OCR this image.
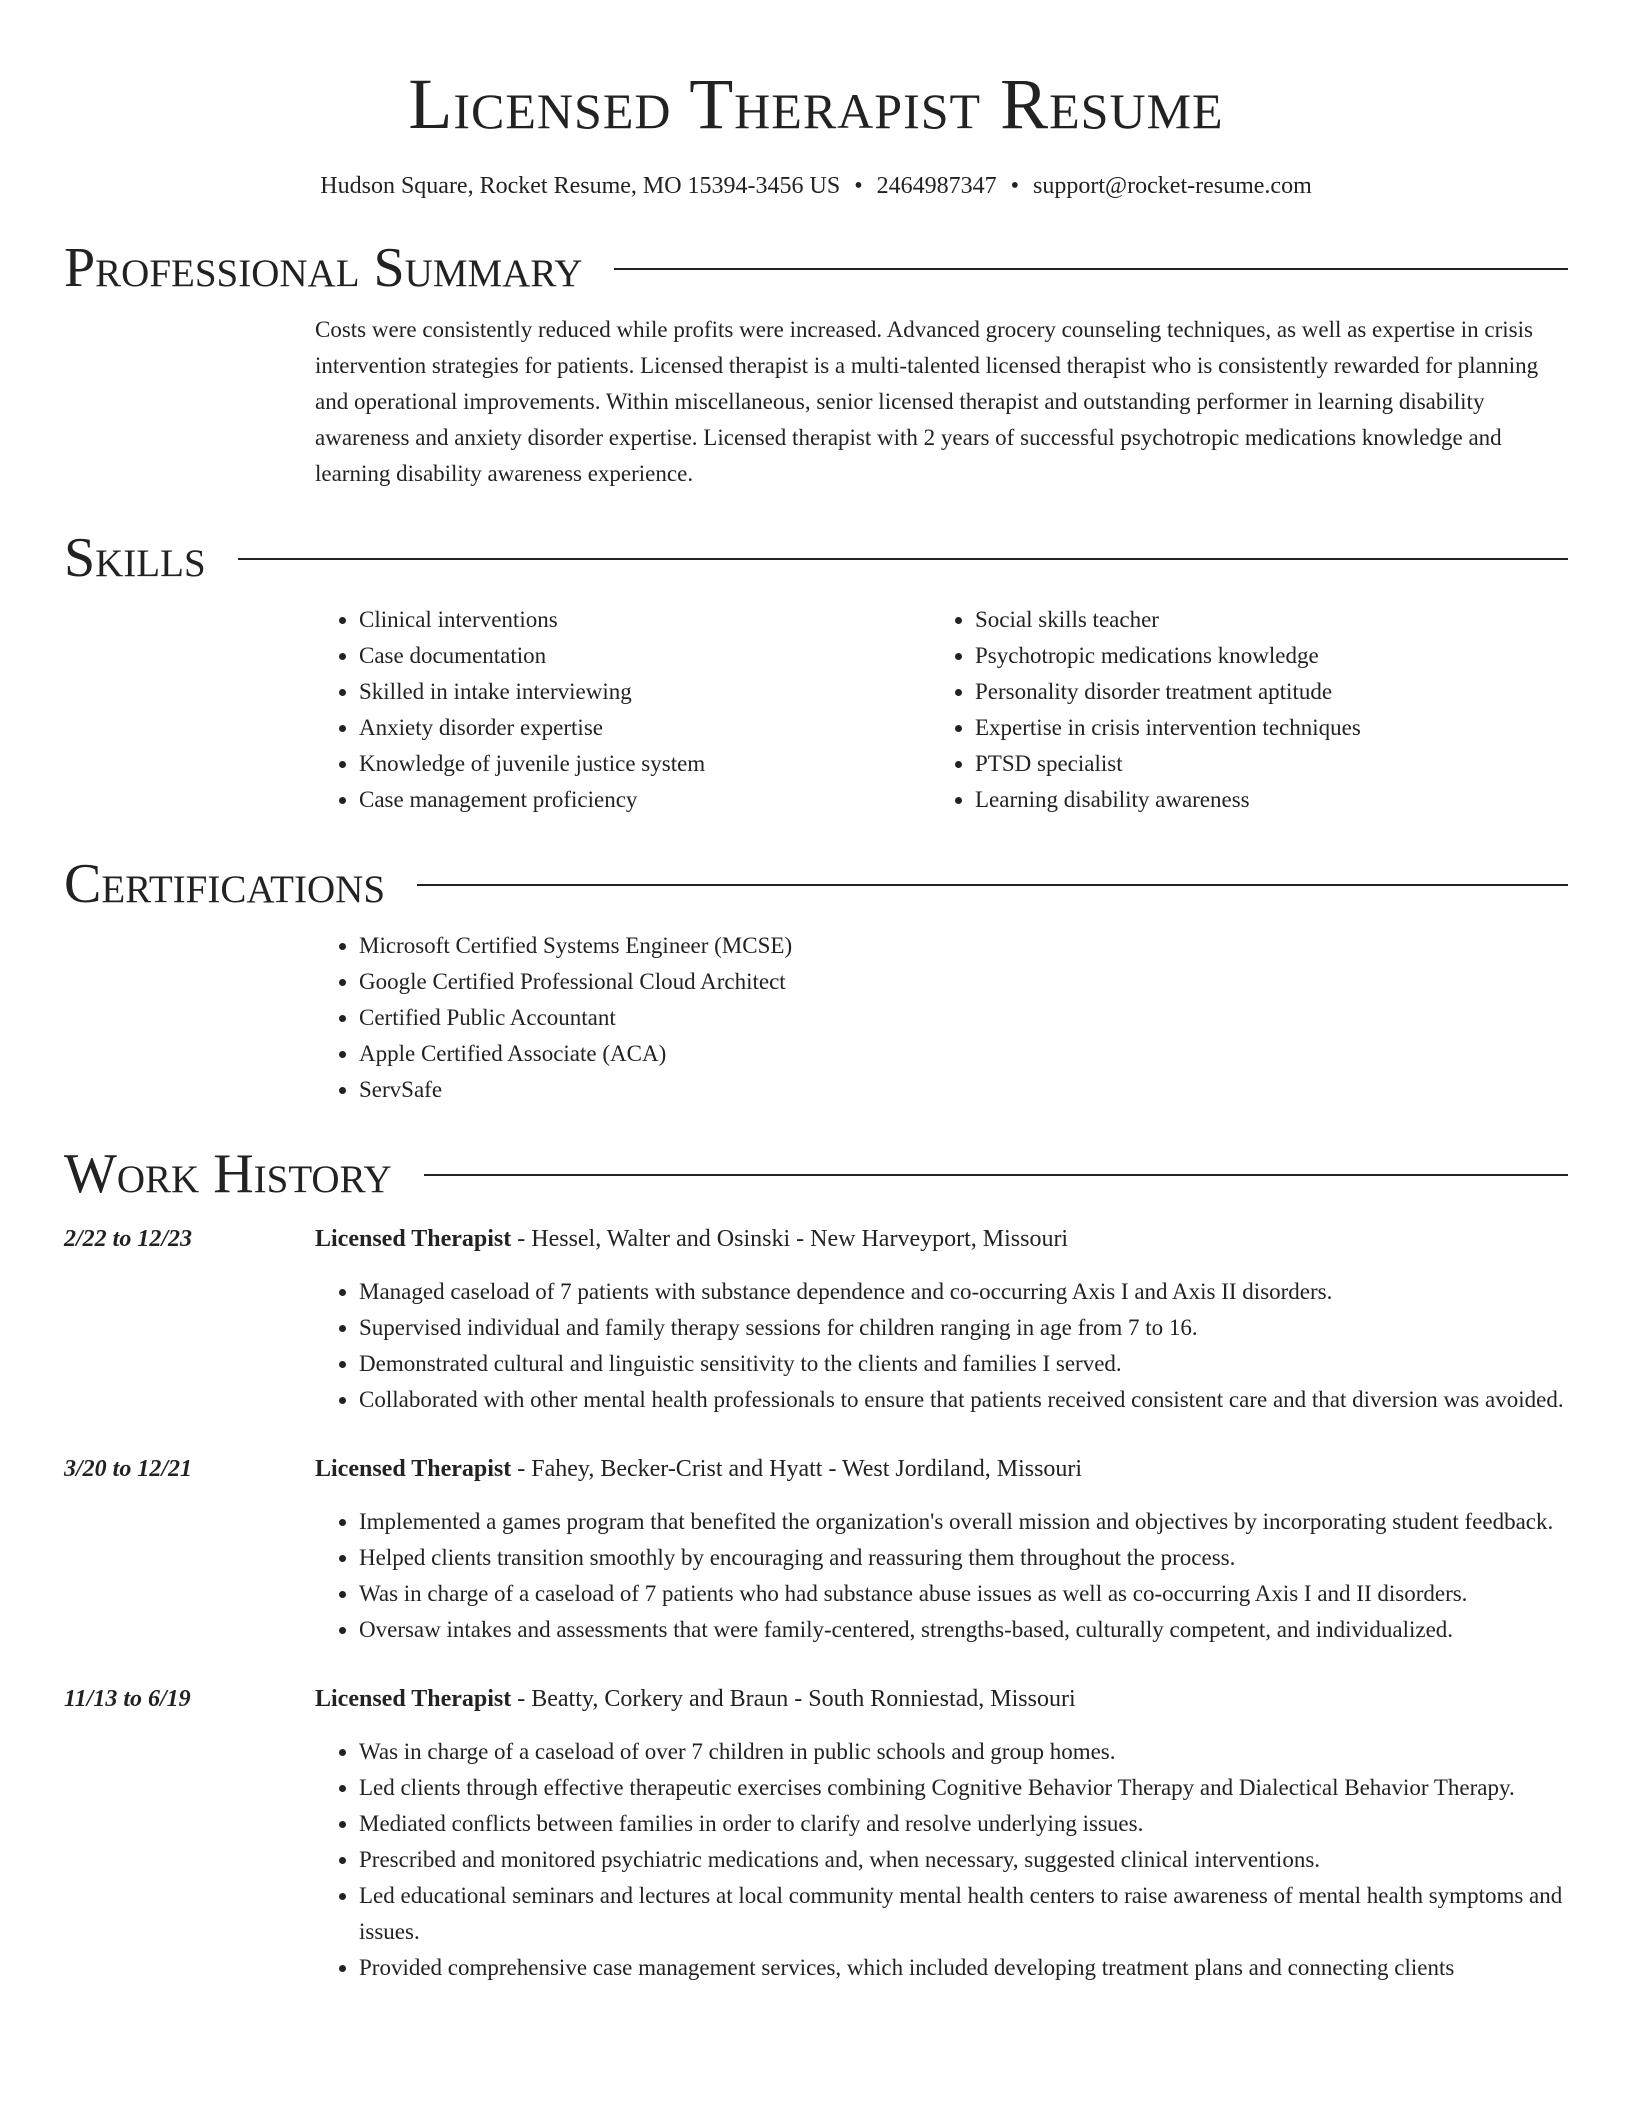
Licensed Therapist Resume
Hudson Square, Rocket Resume, MO 15394-3456 US • 2464987347 • support@rocket-resume.com
Professional Summary

Costs were consistently reduced while profits were increased. Advanced grocery counseling techniques, as well as expertise in crisis intervention strategies for patients. Licensed therapist is a multi-talented licensed therapist who is consistently rewarded for planning and operational improvements. Within miscellaneous, senior licensed therapist and outstanding performer in learning disability awareness and anxiety disorder expertise. Licensed therapist with 2 years of successful psychotropic medications knowledge and learning disability awareness experience.

Skills
• Clinical interventions
• Case documentation
• Skilled in intake interviewing
• Anxiety disorder expertise
• Knowledge of juvenile justice system
• Case management proficiency
• Social skills teacher
• Psychotropic medications knowledge
• Personality disorder treatment aptitude
• Expertise in crisis intervention techniques
• PTSD specialist
• Learning disability awareness
Certifications
• Microsoft Certified Systems Engineer (MCSE)
• Google Certified Professional Cloud Architect
• Certified Public Accountant
• Apple Certified Associate (ACA)
• ServSafe
Work History
2/22 to 12/23	Licensed Therapist - Hessel, Walter and Osinski - New Harveyport, Missouri
• Managed caseload of 7 patients with substance dependence and co-occurring Axis I and Axis II disorders.
• Supervised individual and family therapy sessions for children ranging in age from 7 to 16.
• Demonstrated cultural and linguistic sensitivity to the clients and families I served.
• Collaborated with other mental health professionals to ensure that patients received consistent care and that diversion was avoided.
3/20 to 12/21	Licensed Therapist - Fahey, Becker-Crist and Hyatt - West Jordiland, Missouri
• Implemented a games program that benefited the organization's overall mission and objectives by incorporating student feedback.
• Helped clients transition smoothly by encouraging and reassuring them throughout the process.
• Was in charge of a caseload of 7 patients who had substance abuse issues as well as co-occurring Axis I and II disorders.
• Oversaw intakes and assessments that were family-centered, strengths-based, culturally competent, and individualized.
11/13 to 6/19	Licensed Therapist - Beatty, Corkery and Braun - South Ronniestad, Missouri
• Was in charge of a caseload of over 7 children in public schools and group homes.
• Led clients through effective therapeutic exercises combining Cognitive Behavior Therapy and Dialectical Behavior Therapy.
• Mediated conflicts between families in order to clarify and resolve underlying issues.
• Prescribed and monitored psychiatric medications and, when necessary, suggested clinical interventions.
• Led educational seminars and lectures at local community mental health centers to raise awareness of mental health symptoms and issues.
• Provided comprehensive case management services, which included developing treatment plans and connecting clients
